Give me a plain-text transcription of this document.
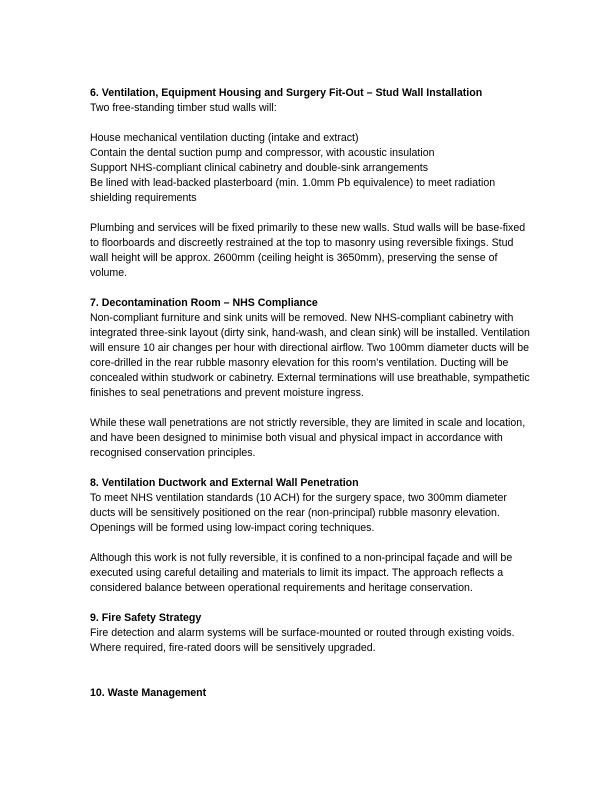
6. Ventilation, Equipment Housing and Surgery Fit-Out – Stud Wall Installation

Two free-standing timber stud walls will:

House mechanical ventilation ducting (intake and extract)

Contain the dental suction pump and compressor, with acoustic insulation

Support NHS-compliant clinical cabinetry and double-sink arrangements

Be lined with lead-backed plasterboard (min. 1.0mm Pb equivalence) to meet radiation shielding requirements

Plumbing and services will be fixed primarily to these new walls. Stud walls will be base-fixed to floorboards and discreetly restrained at the top to masonry using reversible fixings. Stud wall height will be approx. 2600mm (ceiling height is 3650mm), preserving the sense of volume.

7. Decontamination Room – NHS Compliance

Non-compliant furniture and sink units will be removed. New NHS-compliant cabinetry with integrated three-sink layout (dirty sink, hand-wash, and clean sink) will be installed. Ventilation will ensure 10 air changes per hour with directional airflow. Two 100mm diameter ducts will be core-drilled in the rear rubble masonry elevation for this room’s ventilation. Ducting will be concealed within studwork or cabinetry. External terminations will use breathable, sympathetic finishes to seal penetrations and prevent moisture ingress.

While these wall penetrations are not strictly reversible, they are limited in scale and location, and have been designed to minimise both visual and physical impact in accordance with recognised conservation principles.

8. Ventilation Ductwork and External Wall Penetration

To meet NHS ventilation standards (10 ACH) for the surgery space, two 300mm diameter ducts will be sensitively positioned on the rear (non-principal) rubble masonry elevation. Openings will be formed using low-impact coring techniques.

Although this work is not fully reversible, it is confined to a non-principal façade and will be executed using careful detailing and materials to limit its impact. The approach reflects a considered balance between operational requirements and heritage conservation.

9. Fire Safety Strategy

Fire detection and alarm systems will be surface-mounted or routed through existing voids. Where required, fire-rated doors will be sensitively upgraded.

10. Waste Management
